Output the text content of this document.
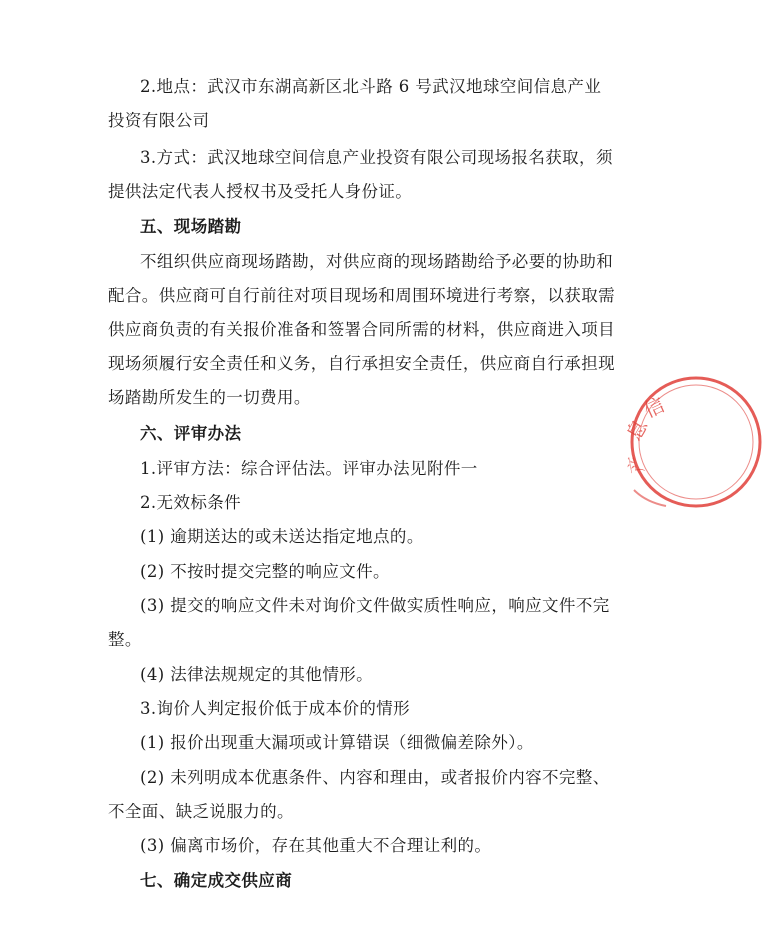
2.地点：武汉市东湖高新区北斗路 6 号武汉地球空间信息产业
投资有限公司
3.方式：武汉地球空间信息产业投资有限公司现场报名获取，须
提供法定代表人授权书及受托人身份证。
五、现场踏勘
不组织供应商现场踏勘，对供应商的现场踏勘给予必要的协助和
配合。供应商可自行前往对项目现场和周围环境进行考察，以获取需
供应商负责的有关报价准备和签署合同所需的材料，供应商进入项目
现场须履行安全责任和义务，自行承担安全责任，供应商自行承担现
场踏勘所发生的一切费用。
六、评审办法
1.评审方法：综合评估法。评审办法见附件一
2.无效标条件
(1) 逾期送达的或未送达指定地点的。
(2) 不按时提交完整的响应文件。
(3) 提交的响应文件未对询价文件做实质性响应，响应文件不完
整。
(4) 法律法规规定的其他情形。
3.询价人判定报价低于成本价的情形
(1) 报价出现重大漏项或计算错误（细微偏差除外）。
(2) 未列明成本优惠条件、内容和理由，或者报价内容不完整、
不全面、缺乏说服力的。
(3) 偏离市场价，存在其他重大不合理让利的。
七、确定成交供应商
信
息
产
